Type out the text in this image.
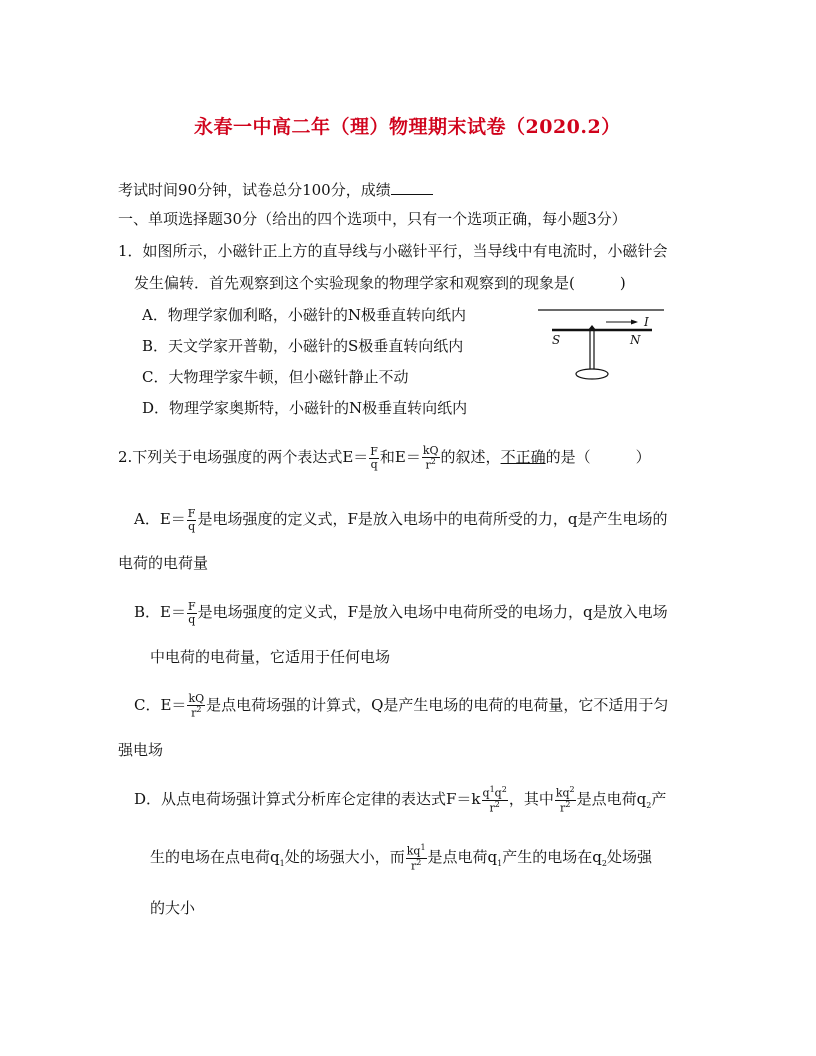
永春一中高二年（理）物理期末试卷（2020.2）
考试时间90分钟，试卷总分100分，成绩
一、单项选择题30分（给出的四个选项中，只有一个选项正确，每小题3分）
1．如图所示，小磁针正上方的直导线与小磁针平行，当导线中有电流时，小磁针会
发生偏转．首先观察到这个实验现象的物理学家和观察到的现象是(　　　)
A．物理学家伽利略，小磁针的N极垂直转向纸内
B．天文学家开普勒，小磁针的S极垂直转向纸内
C．大物理学家牛顿，但小磁针静止不动
D．物理学家奥斯特，小磁针的N极垂直转向纸内
I
S	N
2.下列关于电场强度的两个表达式$E= \frac{F}{q}$ 和$E= \frac{kQ}{r^2}$ 的叙述，不正确的是（　　　）
A．$E= \frac{F}{q}$ 是电场强度的定义式，F是放入电场中的电荷所受的力，q是产生电场的
电荷的电荷量
B．$E= \frac{F}{q}$ 是电场强度的定义式，F是放入电场中电荷所受的电场力，q是放入电场
中电荷的电荷量，它适用于任何电场
C．$E= \frac{kQ}{r^2}$ 是点电荷场强的计算式，Q是产生电场的电荷的电荷量，它不适用于匀
强电场
D．从点电荷场强计算式分析库仑定律的表达式$F=k \frac{q^1q^2}{r^2}$ ，其中 $\frac{kq^2}{r^2}$ 是点电荷$q_2$产
生的电场在点电荷$q_1$处的场强大小，而 $\frac{kq^1}{r^2}$ 是点电荷$q_1$产生的电场在$q_2$处场强
的大小
